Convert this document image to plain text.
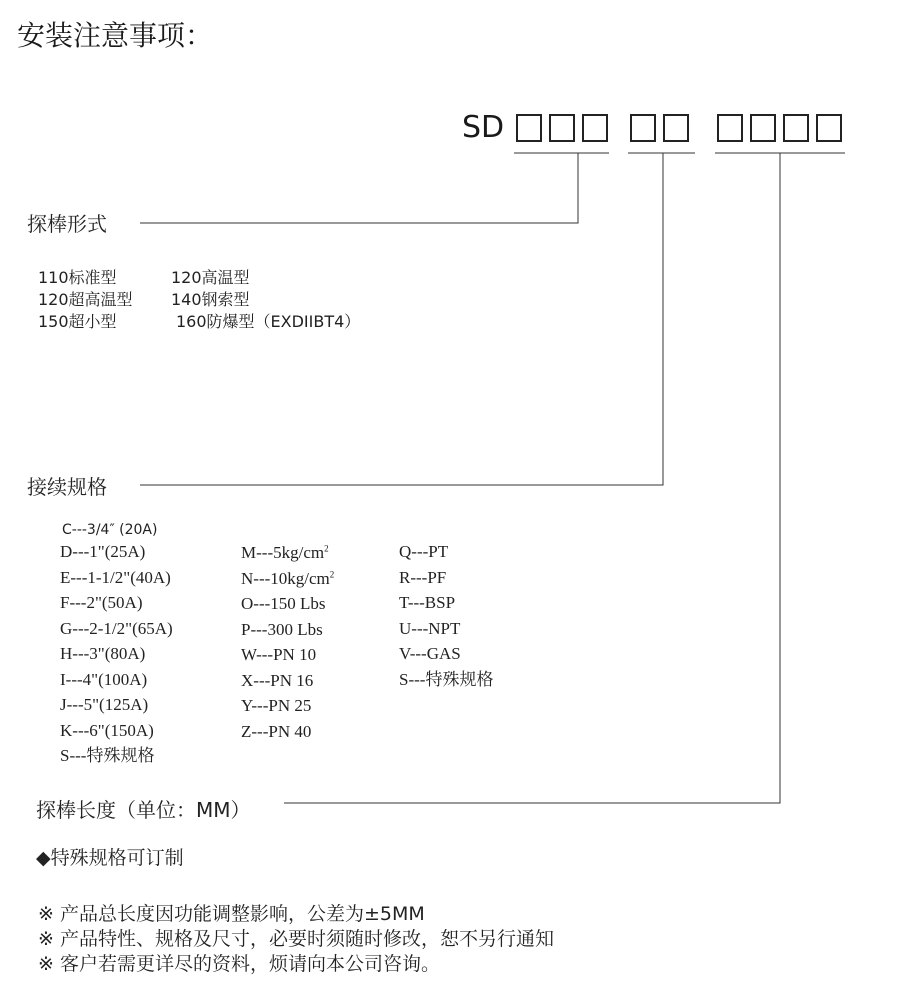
安装注意事项：
SD
探棒形式
110标准型	120高温型
120超高温型 140钢索型
150超小型	160防爆型（EXDIIBT4）
接续规格
C---3/4″ (20A)
D---1"(25A)
E---1-1/2"(40A)
F---2"(50A)
G---2-1/2"(65A)
H---3"(80A)
I---4"(100A)
J---5"(125A)
K---6"(150A)
S---特殊规格
$M---5kg/cm^2$
$N---10kg/cm^2$
O---150 Lbs
P---300 Lbs
W---PN 10
X---PN 16
Y---PN 25
Z---PN 40
Q---PT
R---PF
T---BSP
U---NPT
V---GAS
S---特殊规格
探棒长度（单位：MM）
◆特殊规格可订制
※ 产品总长度因功能调整影响，公差为±5MM
※ 产品特性、规格及尺寸，必要时须随时修改，恕不另行通知
※ 客户若需更详尽的资料，烦请向本公司咨询。
